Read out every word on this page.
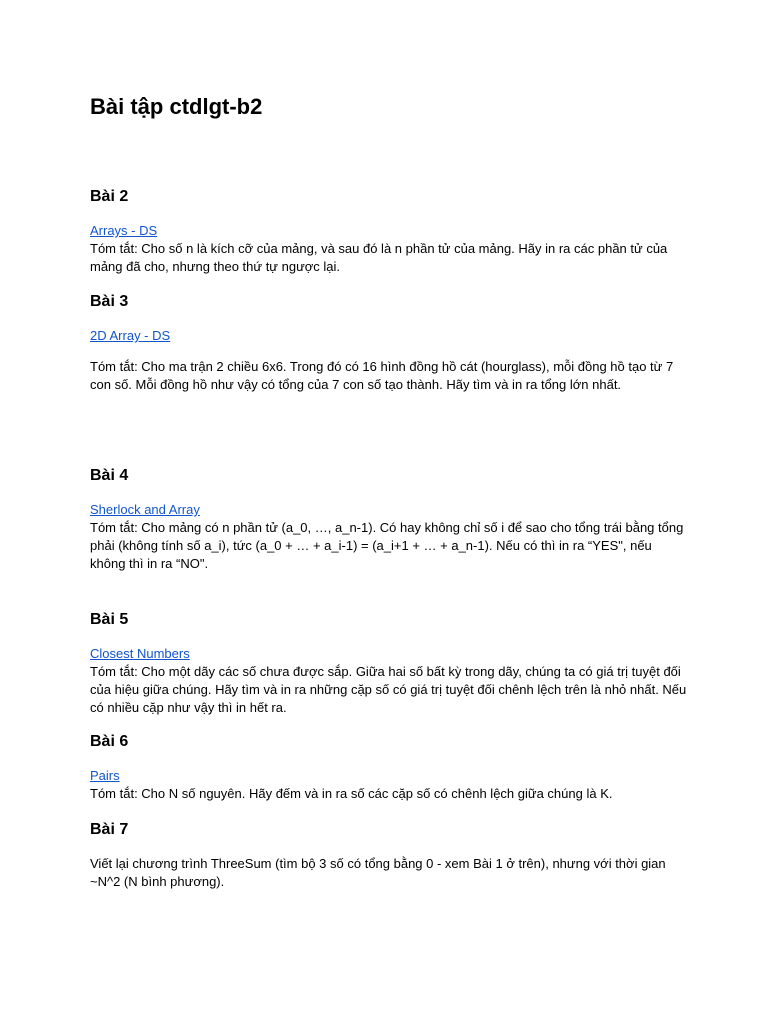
Bài tập ctdlgt-b2
Bài 2
Arrays - DS

Tóm tắt: Cho số n là kích cỡ của mảng, và sau đó là n phần tử của mảng. Hãy in ra các phần tử của mảng đã cho, nhưng theo thứ tự ngược lại.

Bài 3
2D Array - DS

Tóm tắt: Cho ma trận 2 chiều 6x6. Trong đó có 16 hình đồng hồ cát (hourglass), mỗi đồng hồ tạo từ 7 con số. Mỗi đồng hồ như vậy có tổng của 7 con số tạo thành. Hãy tìm và in ra tổng lớn nhất.

Bài 4
Sherlock and Array

Tóm tắt: Cho mảng có n phần tử (a_0, …, a_n-1). Có hay không chỉ số i để sao cho tổng trái bằng tổng phải (không tính số a_i), tức (a_0 + … + a_i-1) = (a_i+1 + … + a_n-1). Nếu có thì in ra “YES", nếu không thì in ra “NO".

Bài 5
Closest Numbers

Tóm tắt: Cho một dãy các số chưa được sắp. Giữa hai số bất kỳ trong dãy, chúng ta có giá trị tuyệt đối của hiệu giữa chúng. Hãy tìm và in ra những cặp số có giá trị tuyệt đối chênh lệch trên là nhỏ nhất. Nếu có nhiều cặp như vậy thì in hết ra.

Bài 6
Pairs

Tóm tắt: Cho N số nguyên. Hãy đếm và in ra số các cặp số có chênh lệch giữa chúng là K.

Bài 7

Viết lại chương trình ThreeSum (tìm bộ 3 số có tổng bằng 0 - xem Bài 1 ở trên), nhưng với thời gian ~N^2 (N bình phương).
